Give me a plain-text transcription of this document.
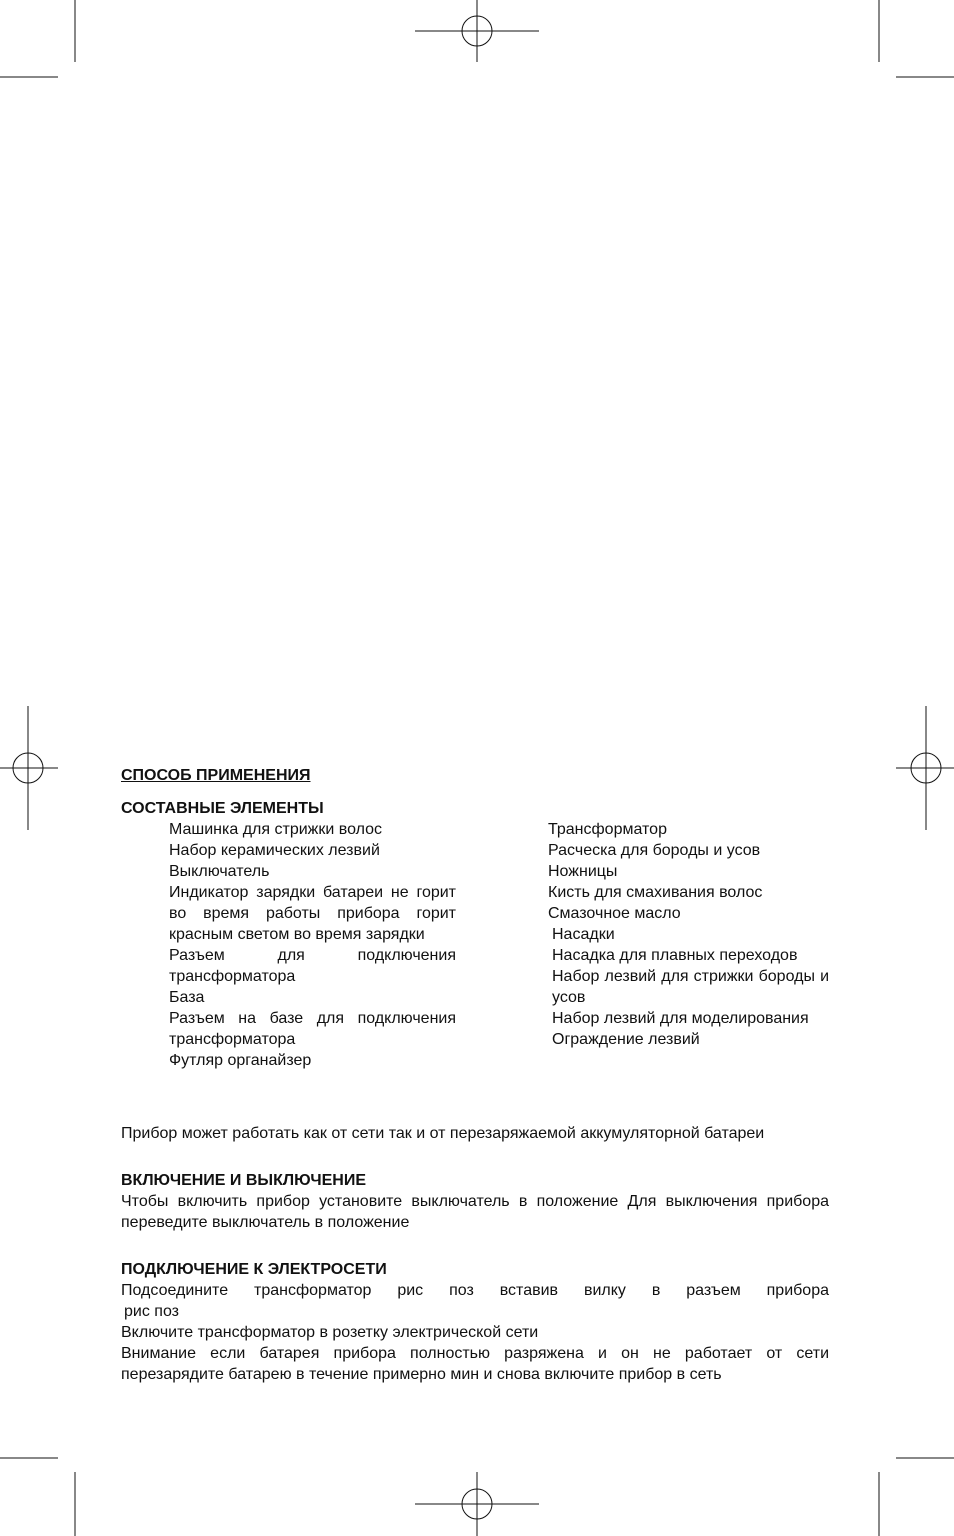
СПОСОБ ПРИМЕНЕНИЯ
СОСТАВНЫЕ ЭЛЕМЕНТЫ
Машинка для стрижки волос
Набор керамических лезвий
Выключатель
Индикатор зарядки батареи не горит во время работы прибора горит красным светом во время зарядки
Разъем для подключения трансформатора
База
Разъем на базе для подключения трансформатора
Футляр органайзер
Трансформатор
Расческа для бороды и усов
Ножницы
Кисть для смахивания волос
Смазочное масло
Насадки
Насадка для плавных переходов
Набор лезвий для стрижки бороды и усов
Набор лезвий для моделирования
Ограждение лезвий
Прибор может работать как от сети так и от перезаряжаемой аккумуляторной батареи
ВКЛЮЧЕНИЕ И ВЫКЛЮЧЕНИЕ
Чтобы включить прибор установите выключатель в положение Для выключения прибора переведите выключатель в положение
ПОДКЛЮЧЕНИЕ К ЭЛЕКТРОСЕТИ
Подсоедините трансформатор рис поз вставив вилку в разъем прибора
рис поз
Включите трансформатор в розетку электрической сети
Внимание если батарея прибора полностью разряжена и он не работает от сети перезарядите батарею в течение примерно мин и снова включите прибор в сеть
